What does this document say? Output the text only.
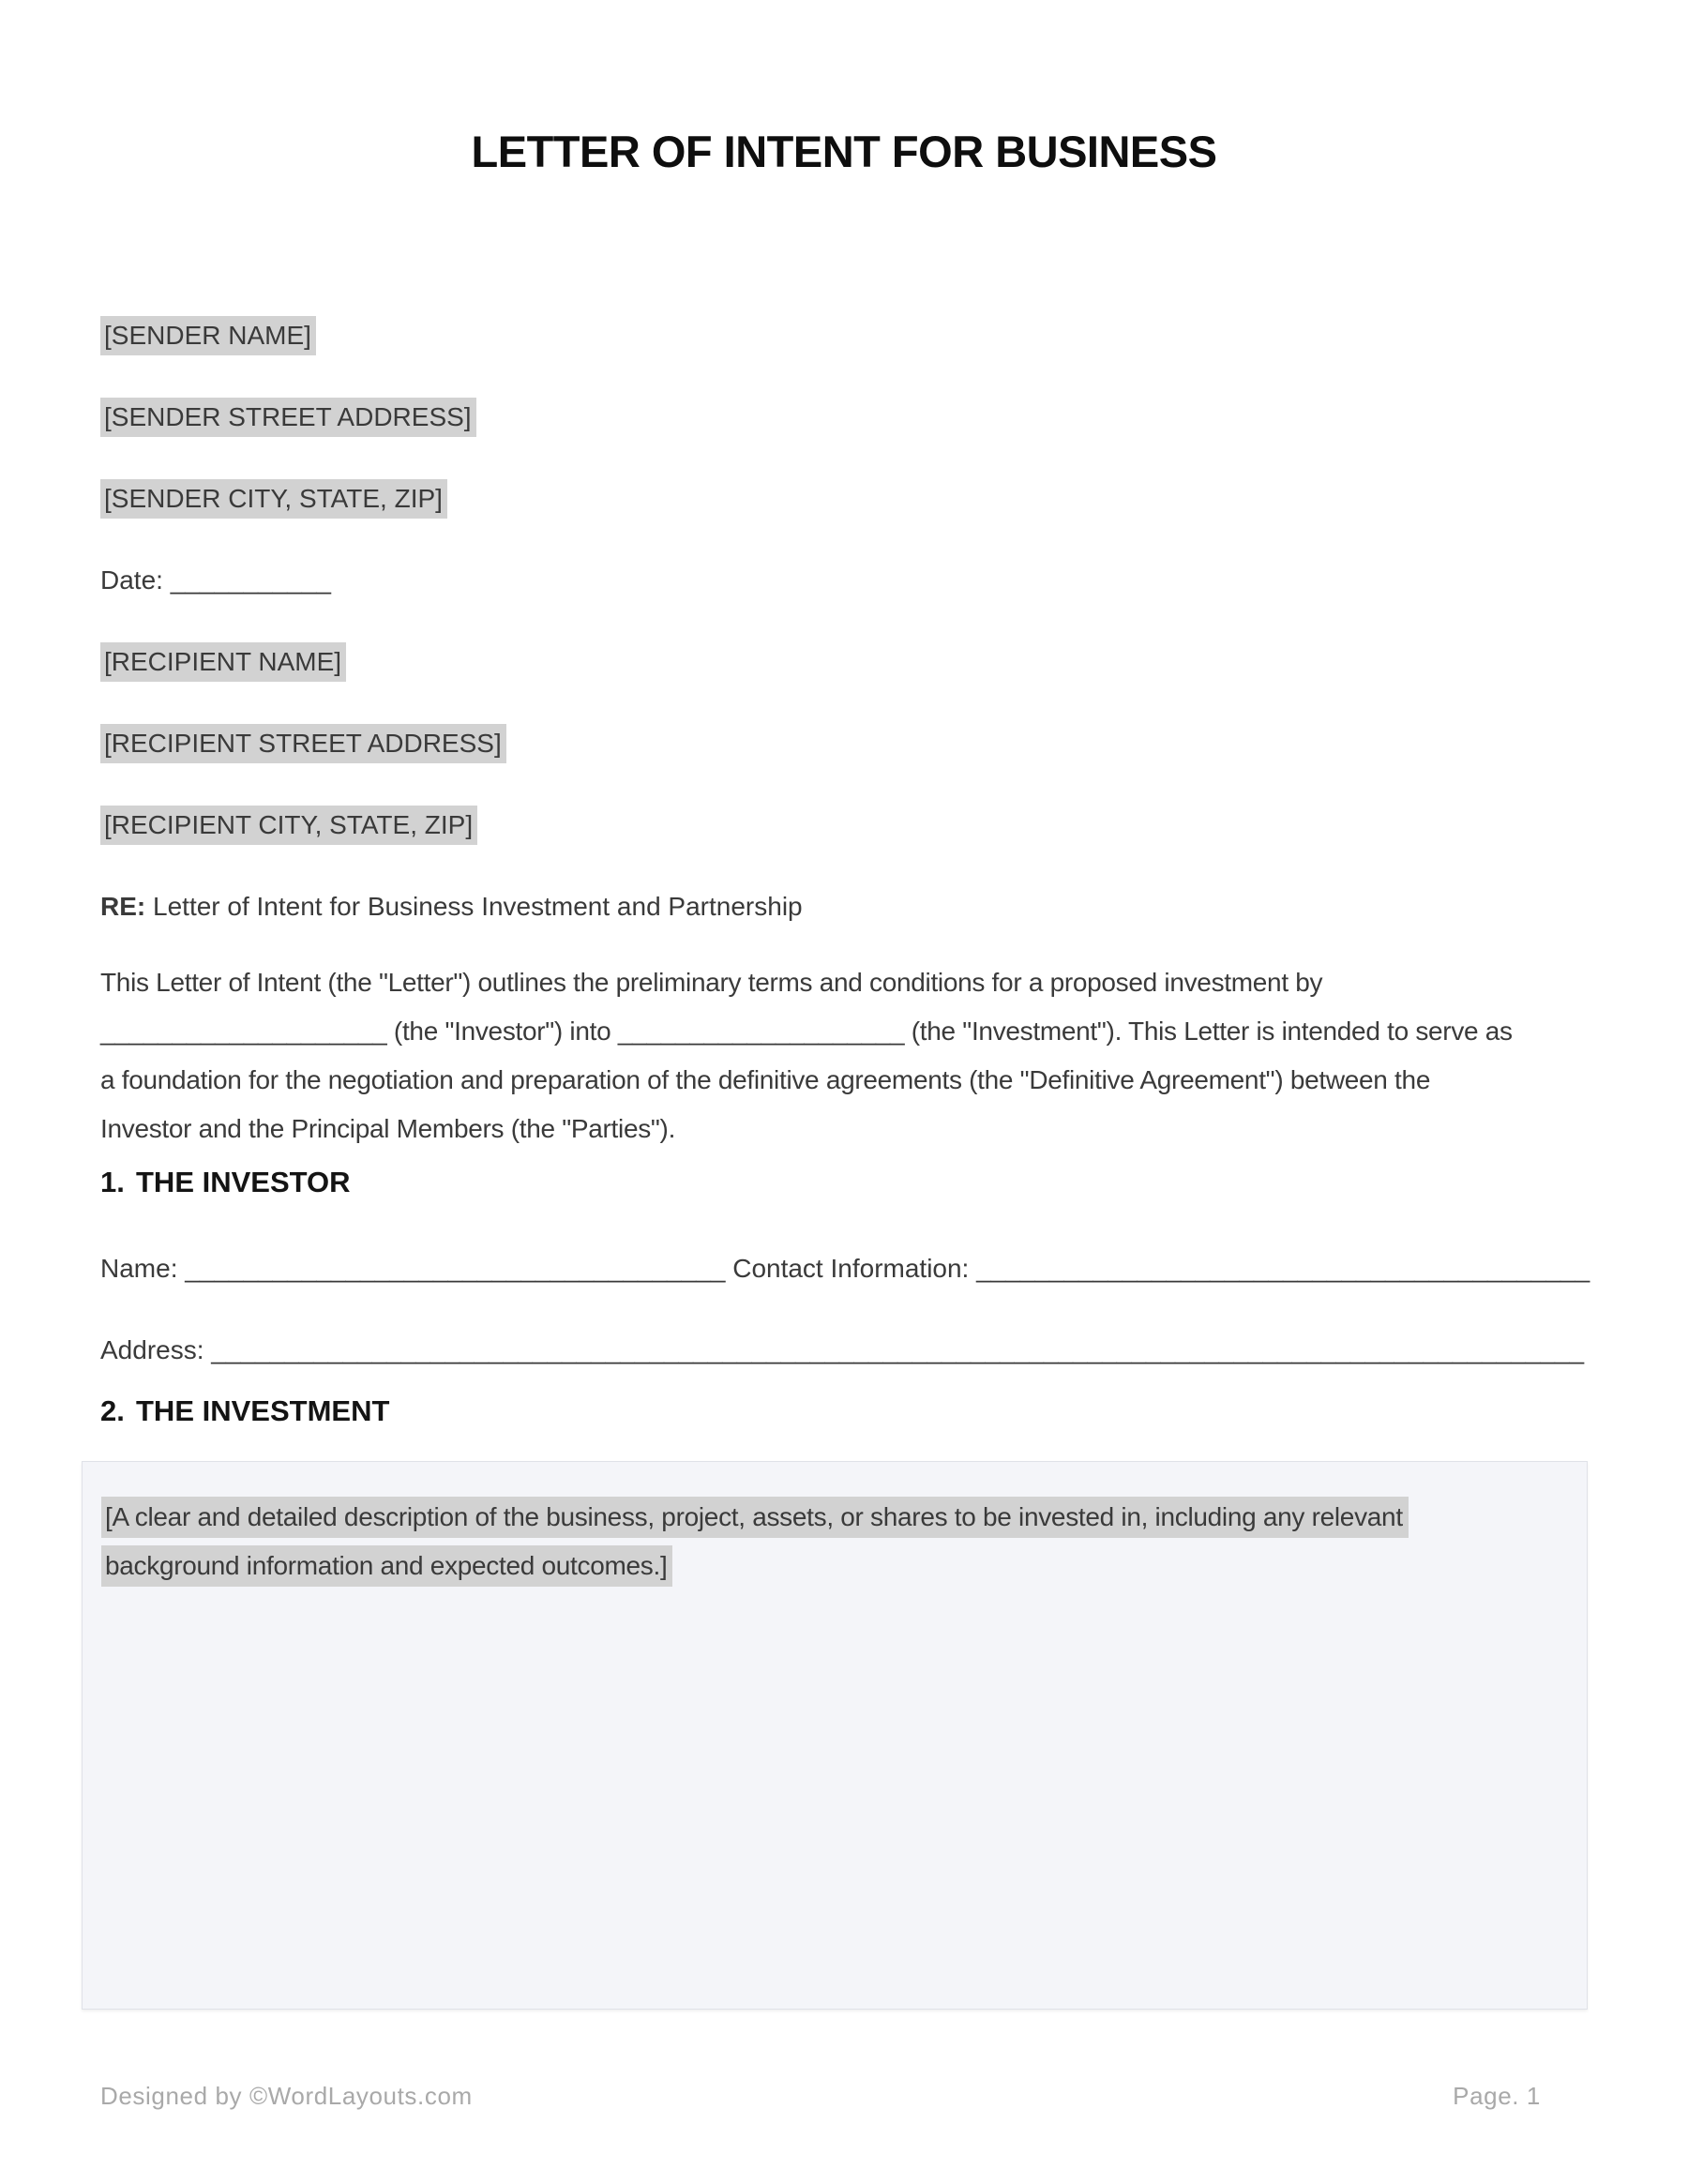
LETTER OF INTENT FOR BUSINESS

[SENDER NAME]

[SENDER STREET ADDRESS]

[SENDER CITY, STATE, ZIP]

Date: ___________

[RECIPIENT NAME]

[RECIPIENT STREET ADDRESS]

[RECIPIENT CITY, STATE, ZIP]

RE: Letter of Intent for Business Investment and Partnership

This Letter of Intent (the "Letter") outlines the preliminary terms and conditions for a proposed investment by
____________________ (the "Investor") into ____________________ (the "Investment"). This Letter is intended to serve as
a foundation for the negotiation and preparation of the definitive agreements (the "Definitive Agreement") between the
Investor and the Principal Members (the "Parties").
1. THE INVESTOR
Name: _____________________________________ Contact Information: __________________________________________
Address: ______________________________________________________________________________________________
2. THE INVESTMENT
[A clear and detailed description of the business, project, assets, or shares to be invested in, including any relevant
background information and expected outcomes.]
Designed by ©WordLayouts.com	Page. 1
